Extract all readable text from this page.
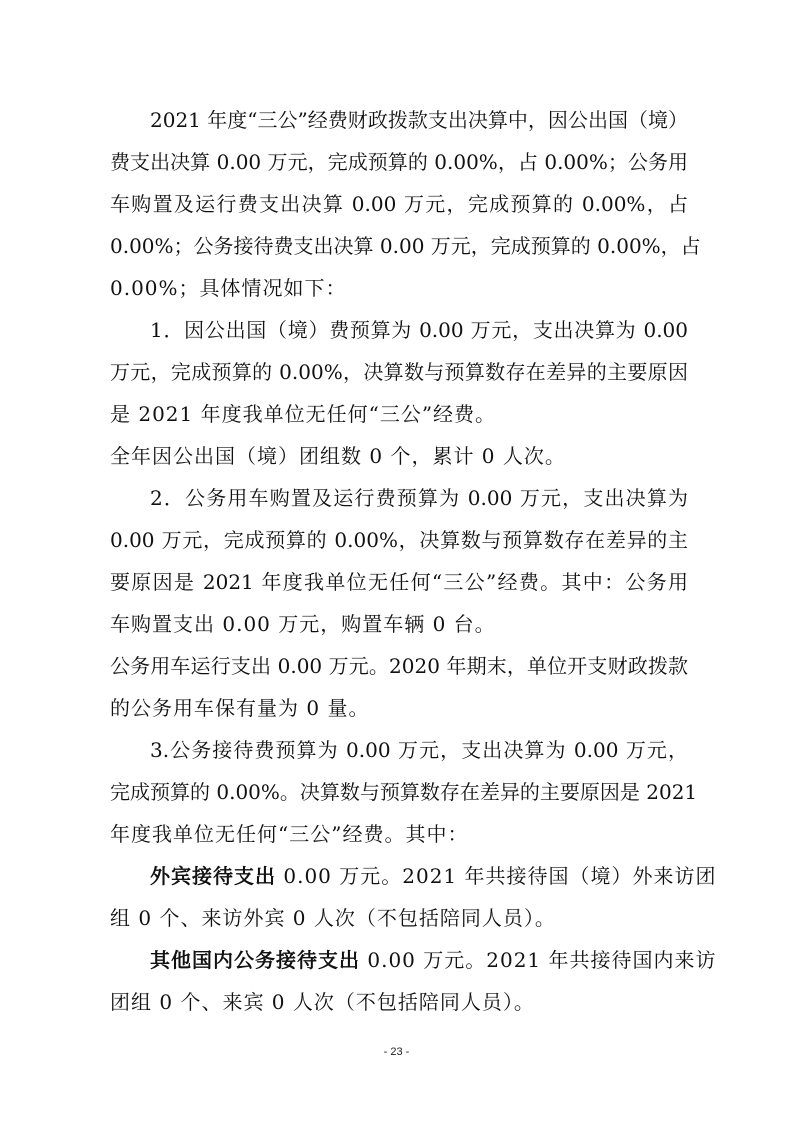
2021 年度“三公”经费财政拨款支出决算中，因公出国（境）
费支出决算 0.00 万元，完成预算的 0.00%，占 0.00%；公务用
车购置及运行费支出决算 0.00 万元，完成预算的 0.00%，占
0.00%；公务接待费支出决算 0.00 万元，完成预算的 0.00%，占
0.00%；具体情况如下：
1．因公出国（境）费预算为 0.00 万元，支出决算为 0.00
万元，完成预算的 0.00%，决算数与预算数存在差异的主要原因
是 2021 年度我单位无任何“三公”经费。
全年因公出国（境）团组数 0 个，累计 0 人次。
2．公务用车购置及运行费预算为 0.00 万元，支出决算为
0.00 万元，完成预算的 0.00%，决算数与预算数存在差异的主
要原因是 2021 年度我单位无任何“三公”经费。其中：公务用
车购置支出 0.00 万元，购置车辆 0 台。
公务用车运行支出 0.00 万元。2020 年期末，单位开支财政拨款
的公务用车保有量为 0 量。
3.公务接待费预算为 0.00 万元，支出决算为 0.00 万元，
完成预算的 0.00%。决算数与预算数存在差异的主要原因是 2021
年度我单位无任何“三公”经费。其中：
外宾接待支出 0.00 万元。2021 年共接待国（境）外来访团
组 0 个、来访外宾 0 人次（不包括陪同人员）。
其他国内公务接待支出 0.00 万元。2021 年共接待国内来访
团组 0 个、来宾 0 人次（不包括陪同人员）。
- 23 -
